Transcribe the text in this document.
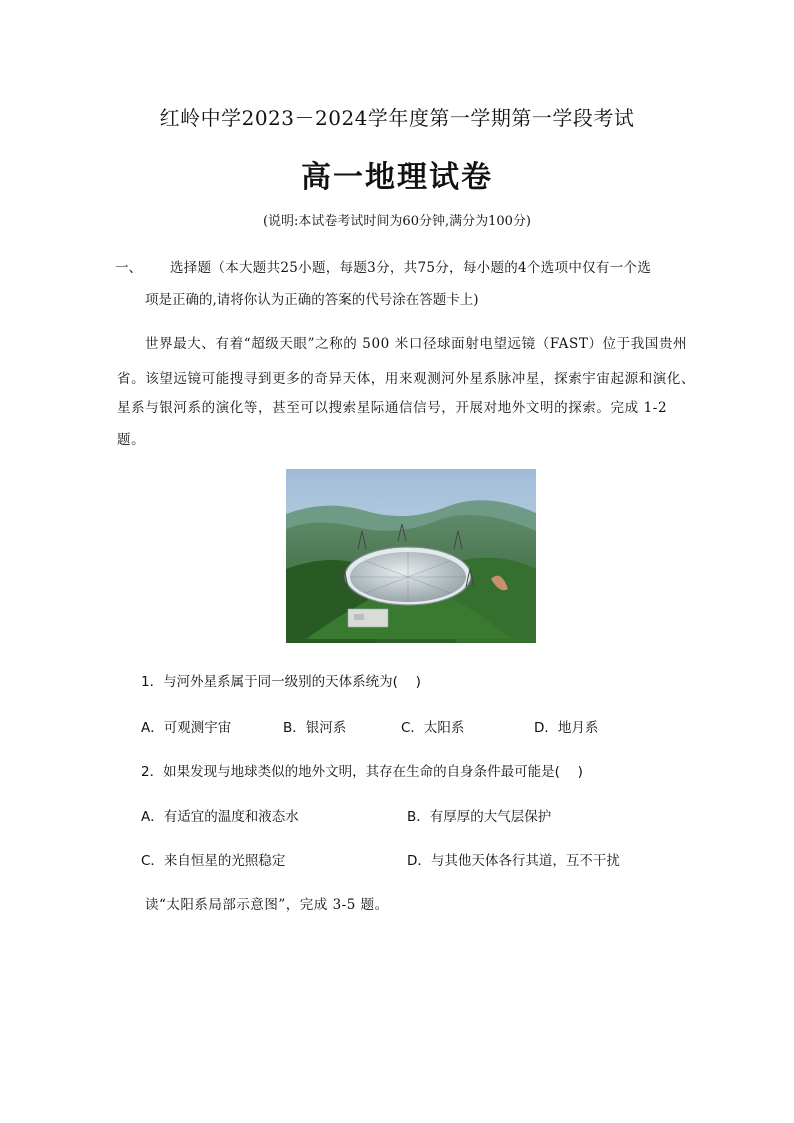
红岭中学2023－2024学年度第一学期第一学段考试
高一地理试卷
(说明:本试卷考试时间为60分钟,满分为100分)
一、 选择题（本大题共25小题，每题3分，共75分，每小题的4个选项中仅有一个选
项是正确的,请将你认为正确的答案的代号涂在答题卡上)
世界最大、有着“超级天眼”之称的 500 米口径球面射电望远镜（FAST）位于我国贵州
省。该望远镜可能搜寻到更多的奇异天体，用来观测河外星系脉冲星，探索宇宙起源和演化、
星系与银河系的演化等，甚至可以搜索星际通信信号，开展对地外文明的探索。完成 1-2
题。
1．与河外星系属于同一级别的天体系统为(　 )
A．可观测宇宙	B．银河系	C．太阳系	D．地月系
2．如果发现与地球类似的地外文明，其存在生命的自身条件最可能是(　 )
A．有适宜的温度和液态水	B．有厚厚的大气层保护
C．来自恒星的光照稳定	D．与其他天体各行其道，互不干扰
读“太阳系局部示意图”，完成 3-5 题。
